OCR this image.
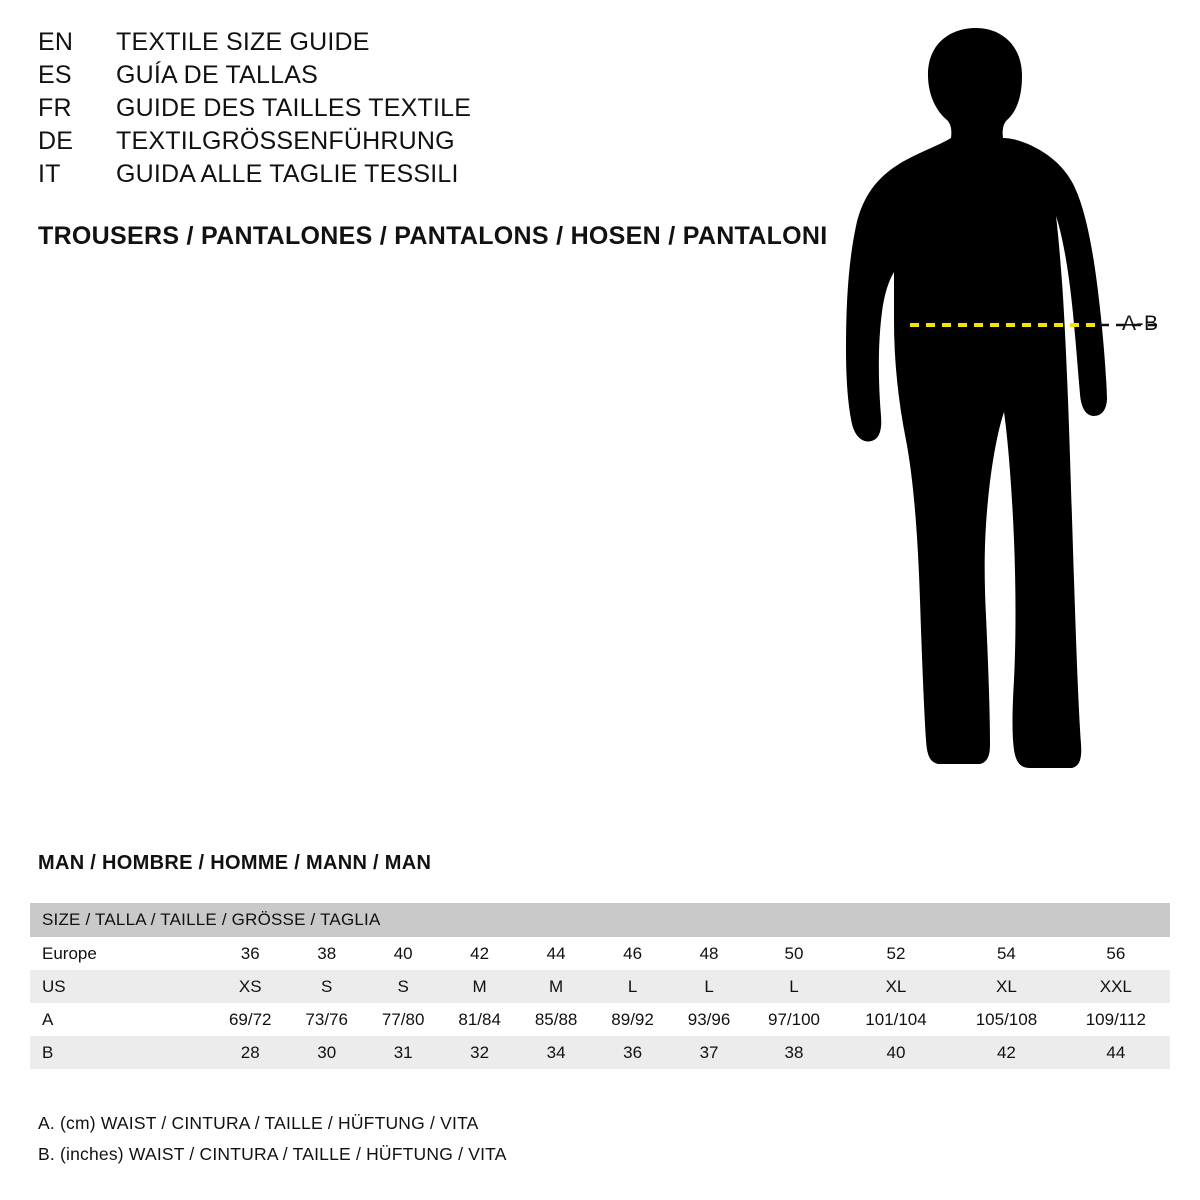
EN	TEXTILE SIZE GUIDE
ES	GUÍA DE TALLAS
FR	GUIDE DES TAILLES TEXTILE
DE	TEXTILGRÖSSENFÜHRUNG
IT	GUIDA ALLE TAGLIE TESSILI
TROUSERS / PANTALONES / PANTALONS / HOSEN / PANTALONI
A-B
MAN / HOMBRE / HOMME / MANN / MAN
SIZE / TALLA / TAILLE / GRÖSSE / TAGLIA											
Europe	36	38	40	42	44	46	48	50	52	54	56
US	XS	S	S	M	M	L	L	L	XL	XL	XXL
A	69/72	73/76	77/80	81/84	85/88	89/92	93/96	97/100	101/104	105/108	109/112
B	28	30	31	32	34	36	37	38	40	42	44
A. (cm) WAIST / CINTURA / TAILLE / HÜFTUNG / VITA
B. (inches) WAIST / CINTURA / TAILLE / HÜFTUNG / VITA
